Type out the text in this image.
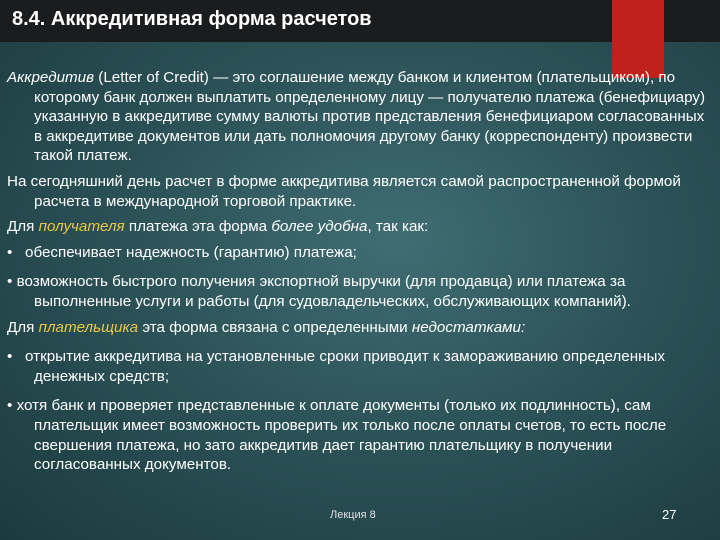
8.4. Аккредитивная форма расчетов

Аккредитив (Letter of Credit) — это соглашение между банком и клиентом (плательщиком), по которому банк должен выплатить определенному лицу — получателю платежа (бенефициару) указанную в аккредитиве сумму валюты против представления бенефициаром согласованных в аккредитиве документов или дать полномочия другому банку (корреспонденту) произвести такой платеж.

На сегодняшний день расчет в форме аккредитива является самой распространенной формой расчета в международной торговой практике.

Для получателя платежа эта форма более удобна, так как:

• обеспечивает надежность (гарантию) платежа;

• возможность быстрого получения экспортной выручки (для продавца) или платежа за выполненные услуги и работы (для судовладельческих, обслуживающих компаний).

Для плательщика эта форма связана с определенными недостатками:

• открытие аккредитива на установленные сроки приводит к замораживанию определенных денежных средств;

• хотя банк и проверяет представленные к оплате документы (только их подлинность), сам плательщик имеет возможность проверить их только после оплаты счетов, то есть после свершения платежа, но зато аккредитив дает гарантию плательщику в получении согласованных документов.

Лекция 8	27
